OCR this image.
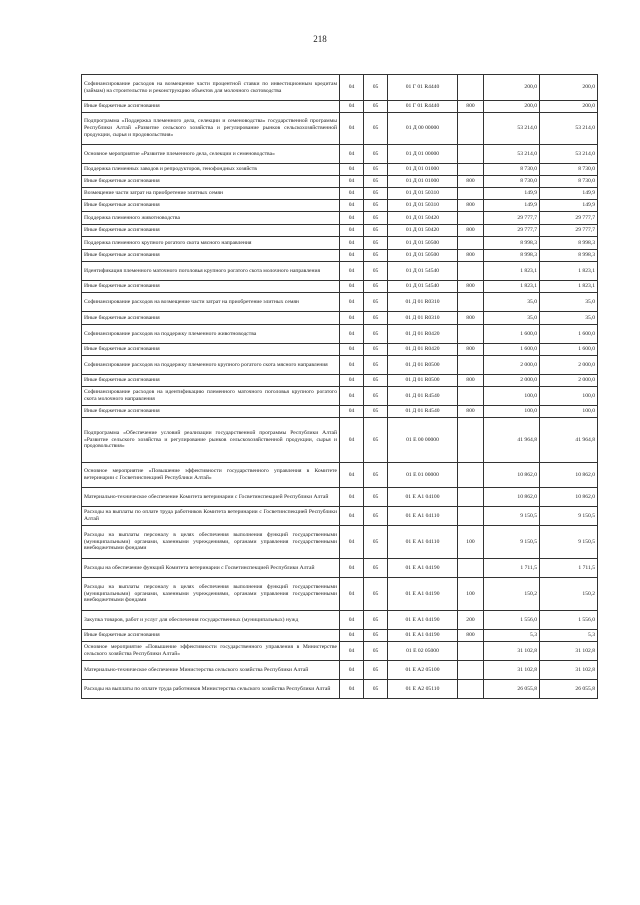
218
Софинансирование расходов на возмещение части процентной ставки по инвестиционным кредитам (займам) на строительство и реконструкцию объектов для молочного скотоводства	04	05	01 Г 01 R4440		200,0	200,0
Иные бюджетные ассигнования	04	05	01 Г 01 R4440	800	200,0	200,0
Подпрограмма «Поддержка племенного дела, селекции и семеноводства» государственной программы Республики Алтай «Развитие сельского хозяйства и регулирование рынков сельскохозяйственной продукции, сырья и продовольствия»	04	05	01 Д 00 00000		53 214,0	53 214,0
Основное мероприятие «Развитие племенного дела, селекции и семеноводства»	04	05	01 Д 01 00000		53 214,0	53 214,0
Поддержка племенных заводов и репродукторов, генофондных хозяйств	04	05	01 Д 01 01000		8 730,0	8 730,0
Иные бюджетные ассигнования	04	05	01 Д 01 01000	800	8 730,0	8 730,0
Возмещение части затрат на приобретение элитных семян	04	05	01 Д 01 50310		149,9	149,9
Иные бюджетные ассигнования	04	05	01 Д 01 50310	800	149,9	149,9
Поддержка племенного животноводства	04	05	01 Д 01 50420		29 777,7	29 777,7
Иные бюджетные ассигнования	04	05	01 Д 01 50420	800	29 777,7	29 777,7
Поддержка племенного крупного рогатого скота мясного направления	04	05	01 Д 01 50500		8 998,3	8 998,3
Иные бюджетные ассигнования	04	05	01 Д 01 50500	800	8 998,3	8 998,3
Идентификация племенного маточного поголовья крупного рогатого скота молочного направления	04	05	01 Д 01 54540		1 823,1	1 823,1
Иные бюджетные ассигнования	04	05	01 Д 01 54540	800	1 823,1	1 823,1
Софинансирование расходов на возмещение части затрат на приобретение элитных семян	04	05	01 Д 01 R0310		35,0	35,0
Иные бюджетные ассигнования	04	05	01 Д 01 R0310	800	35,0	35,0
Софинансирование расходов на поддержку племенного животноводства	04	05	01 Д 01 R0420		1 600,0	1 600,0
Иные бюджетные ассигнования	04	05	01 Д 01 R0420	800	1 600,0	1 600,0
Софинансирование расходов на поддержку племенного крупного рогатого скота мясного направления	04	05	01 Д 01 R0500		2 000,0	2 000,0
Иные бюджетные ассигнования	04	05	01 Д 01 R0500	800	2 000,0	2 000,0
Софинансирование расходов на идентификацию племенного маточного поголовья крупного рогатого скота молочного направления	04	05	01 Д 01 R4540		100,0	100,0
Иные бюджетные ассигнования	04	05	01 Д 01 R4540	800	100,0	100,0
Подпрограмма «Обеспечение условий реализации государственной программы Республики Алтай «Развитие сельского хозяйства и регулирование рынков сельскохозяйственной продукции, сырья и продовольствия»	04	05	01 Е 00 00000		41 964,8	41 964,8
Основное мероприятие «Повышение эффективности государственного управления в Комитете ветеринарии с Госветинспекцией Республики Алтай»	04	05	01 Е 01 00000		10 862,0	10 862,0
Материально-техническое обеспечение Комитета ветеринарии с Госветинспекцией Республики Алтай	04	05	01 Е А1 04100		10 862,0	10 862,0
Расходы на выплаты по оплате труда работников Комитета ветеринарии с Госветинспекцией Республики Алтай	04	05	01 Е А1 04110		9 150,5	9 150,5
Расходы на выплаты персоналу в целях обеспечения выполнения функций государственными (муниципальными) органами, казенными учреждениями, органами управления государственными внебюджетными фондами	04	05	01 Е А1 04110	100	9 150,5	9 150,5
Расходы на обеспечение функций Комитета ветеринарии с Госветинспекцией Республики Алтай	04	05	01 Е А1 04190		1 711,5	1 711,5
Расходы на выплаты персоналу в целях обеспечения выполнения функций государственными (муниципальными) органами, казенными учреждениями, органами управления государственными внебюджетными фондами	04	05	01 Е А1 04190	100	150,2	150,2
Закупка товаров, работ и услуг для обеспечения государственных (муниципальных) нужд	04	05	01 Е А1 04190	200	1 556,0	1 556,0
Иные бюджетные ассигнования	04	05	01 Е А1 04190	800	5,3	5,3
Основное мероприятие «Повышение эффективности государственного управления в Министерстве сельского хозяйства Республики Алтай»	04	05	01 Е 02 05000		31 102,8	31 102,8
Материально-техническое обеспечение Министерства сельского хозяйства Республики Алтай	04	05	01 Е А2 05100		31 102,8	31 102,8
Расходы на выплаты по оплате труда работников Министерства сельского хозяйства Республики Алтай	04	05	01 Е А2 05110		26 055,8	26 055,8
